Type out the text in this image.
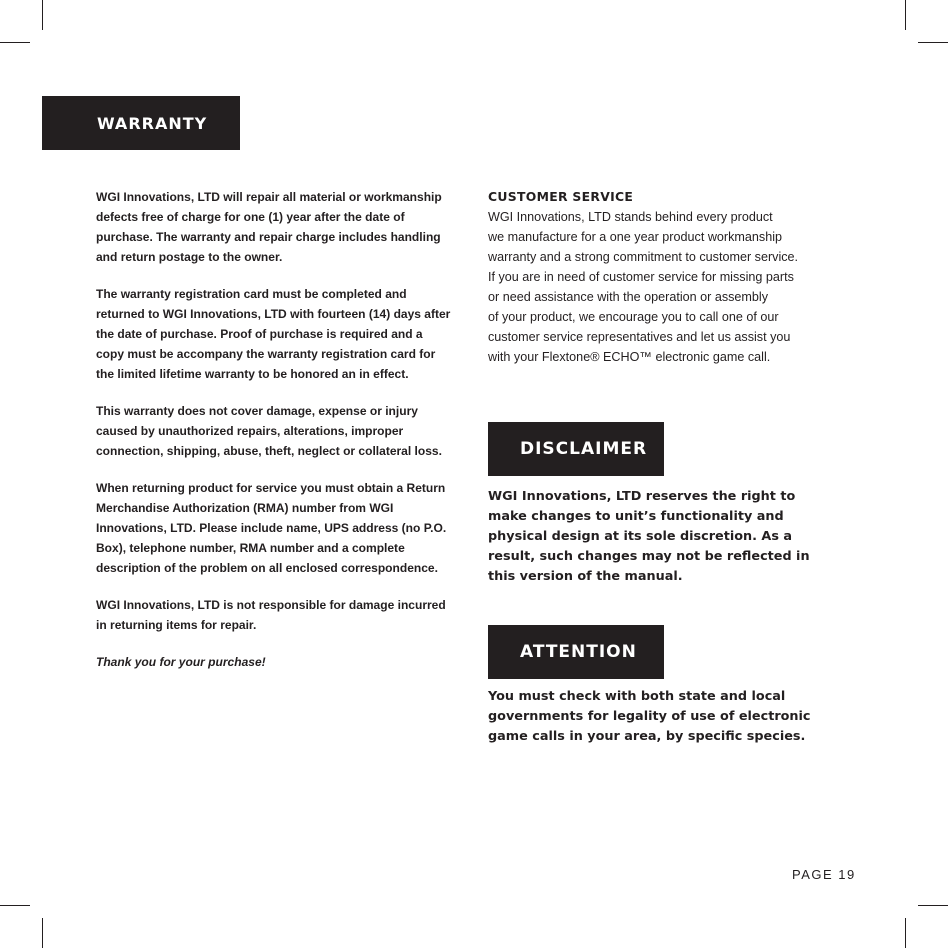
WARRANTY

WGI Innovations, LTD will repair all material or workmanship defects free of charge for one (1) year after the date of purchase. The warranty and repair charge includes handling and return postage to the owner.

The warranty registration card must be completed and returned to WGI Innovations, LTD with fourteen (14) days after the date of purchase. Proof of purchase is required and a copy must be accompany the warranty registration card for the limited lifetime warranty to be honored an in effect.

This warranty does not cover damage, expense or injury caused by unauthorized repairs, alterations, improper connection, shipping, abuse, theft, neglect or collateral loss.

When returning product for service you must obtain a Return Merchandise Authorization (RMA) number from WGI Innovations, LTD. Please include name, UPS address (no P.O. Box), telephone number, RMA number and a complete description of the problem on all enclosed correspondence.

WGI Innovations, LTD is not responsible for damage incurred in returning items for repair.

Thank you for your purchase!

CUSTOMER SERVICE
WGI Innovations, LTD stands behind every product
we manufacture for a one year product workmanship
warranty and a strong commitment to customer service.
If you are in need of customer service for missing parts
or need assistance with the operation or assembly
of your product, we encourage you to call one of our
customer service representatives and let us assist you
with your Flextone® ECHO™ electronic game call.
DISCLAIMER
WGI Innovations, LTD reserves the right to
make changes to unit’s functionality and
physical design at its sole discretion. As a
result, such changes may not be reflected in
this version of the manual.
ATTENTION
You must check with both state and local
governments for legality of use of electronic
game calls in your area, by specific species.
PAGE 19
